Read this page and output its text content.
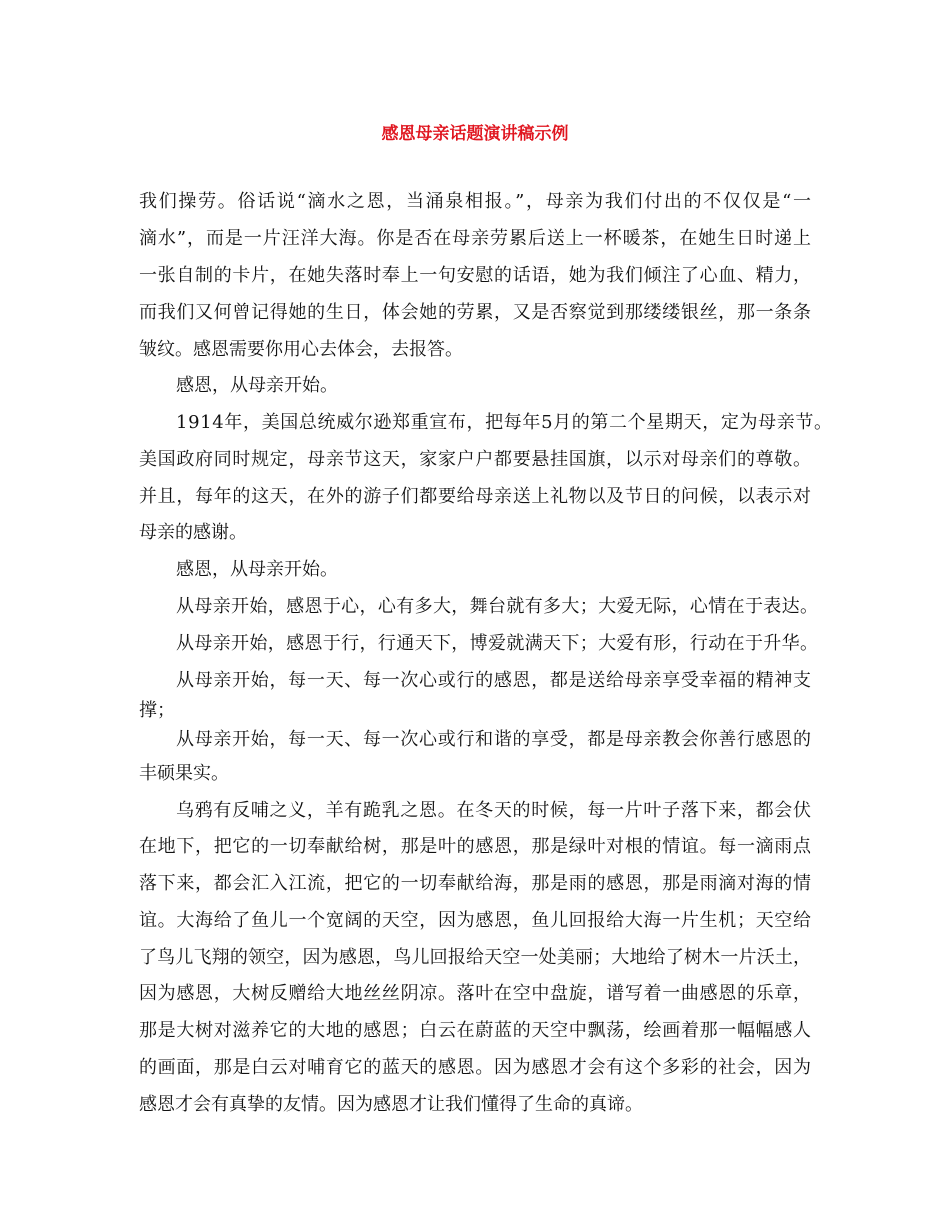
感恩母亲话题演讲稿示例
我们操劳。俗话说“滴水之恩，当涌泉相报。”，母亲为我们付出的不仅仅是“一
滴水”，而是一片汪洋大海。你是否在母亲劳累后送上一杯暖茶，在她生日时递上
一张自制的卡片，在她失落时奉上一句安慰的话语，她为我们倾注了心血、精力，
而我们又何曾记得她的生日，体会她的劳累，又是否察觉到那缕缕银丝，那一条条
皱纹。感恩需要你用心去体会，去报答。
感恩，从母亲开始。
1914年，美国总统威尔逊郑重宣布，把每年5月的第二个星期天，定为母亲节。
美国政府同时规定，母亲节这天，家家户户都要悬挂国旗，以示对母亲们的尊敬。
并且，每年的这天，在外的游子们都要给母亲送上礼物以及节日的问候，以表示对
母亲的感谢。
感恩，从母亲开始。
从母亲开始，感恩于心，心有多大，舞台就有多大；大爱无际，心情在于表达。
从母亲开始，感恩于行，行通天下，博爱就满天下；大爱有形，行动在于升华。
从母亲开始，每一天、每一次心或行的感恩，都是送给母亲享受幸福的精神支
撑；
从母亲开始，每一天、每一次心或行和谐的享受，都是母亲教会你善行感恩的
丰硕果实。
乌鸦有反哺之义，羊有跪乳之恩。在冬天的时候，每一片叶子落下来，都会伏
在地下，把它的一切奉献给树，那是叶的感恩，那是绿叶对根的情谊。每一滴雨点
落下来，都会汇入江流，把它的一切奉献给海，那是雨的感恩，那是雨滴对海的情
谊。大海给了鱼儿一个宽阔的天空，因为感恩，鱼儿回报给大海一片生机；天空给
了鸟儿飞翔的领空，因为感恩，鸟儿回报给天空一处美丽；大地给了树木一片沃土，
因为感恩，大树反赠给大地丝丝阴凉。落叶在空中盘旋，谱写着一曲感恩的乐章，
那是大树对滋养它的大地的感恩；白云在蔚蓝的天空中飘荡，绘画着那一幅幅感人
的画面，那是白云对哺育它的蓝天的感恩。因为感恩才会有这个多彩的社会，因为
感恩才会有真挚的友情。因为感恩才让我们懂得了生命的真谛。
